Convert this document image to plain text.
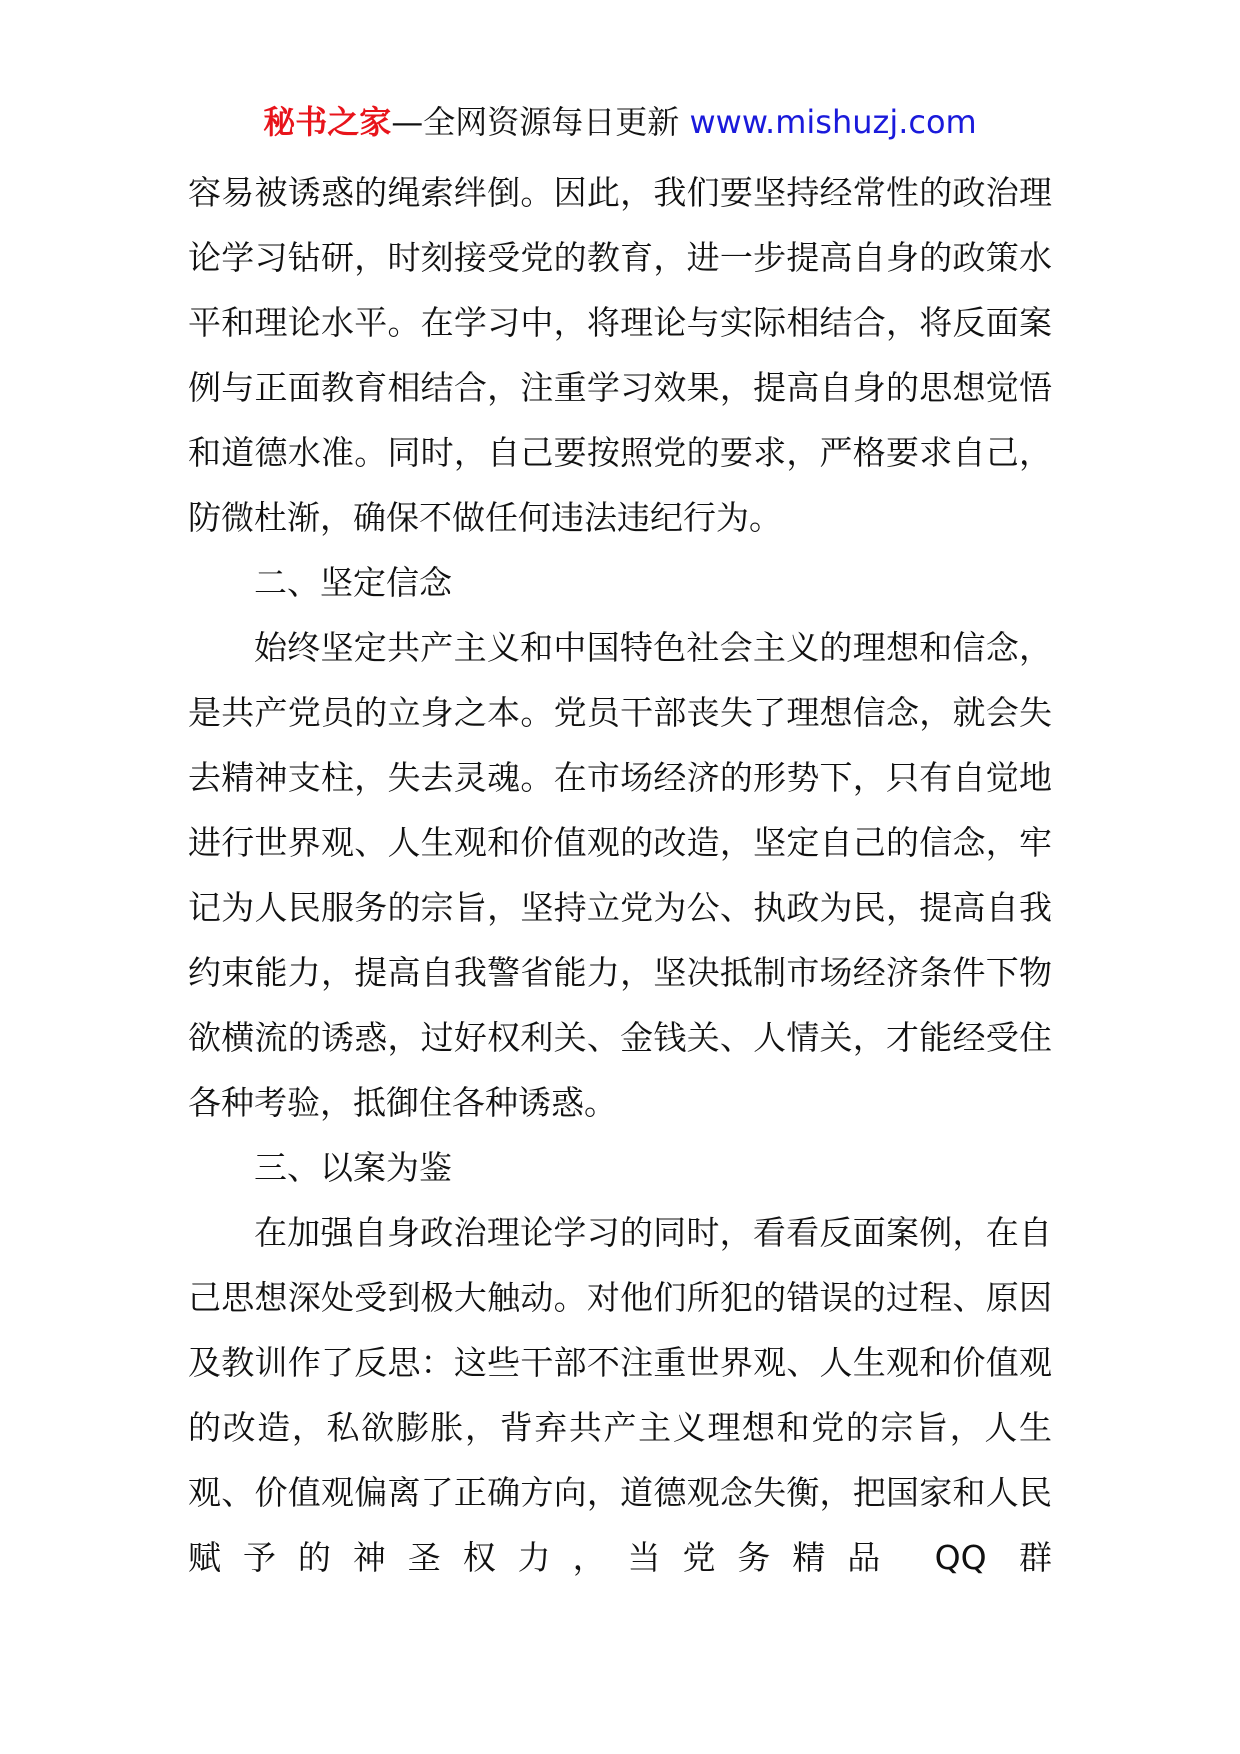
秘书之家—全网资源每日更新 www.mishuzj.com

容易被诱惑的绳索绊倒。因此，我们要坚持经常性的政治理论学习钻研，时刻接受党的教育，进一步提高自身的政策水平和理论水平。在学习中，将理论与实际相结合，将反面案例与正面教育相结合，注重学习效果，提高自身的思想觉悟和道德水准。同时，自己要按照党的要求，严格要求自己，防微杜渐，确保不做任何违法违纪行为。

二、坚定信念

始终坚定共产主义和中国特色社会主义的理想和信念，是共产党员的立身之本。党员干部丧失了理想信念，就会失去精神支柱，失去灵魂。在市场经济的形势下，只有自觉地进行世界观、人生观和价值观的改造，坚定自己的信念，牢记为人民服务的宗旨，坚持立党为公、执政为民，提高自我约束能力，提高自我警省能力，坚决抵制市场经济条件下物欲横流的诱惑，过好权利关、金钱关、人情关，才能经受住各种考验，抵御住各种诱惑。

三、以案为鉴

在加强自身政治理论学习的同时，看看反面案例，在自己思想深处受到极大触动。对他们所犯的错误的过程、原因及教训作了反思：这些干部不注重世界观、人生观和价值观的改造，私欲膨胀，背弃共产主义理想和党的宗旨，人生观、价值观偏离了正确方向，道德观念失衡，把国家和人民赋予的神圣权力，当党务精品 QQ 群
